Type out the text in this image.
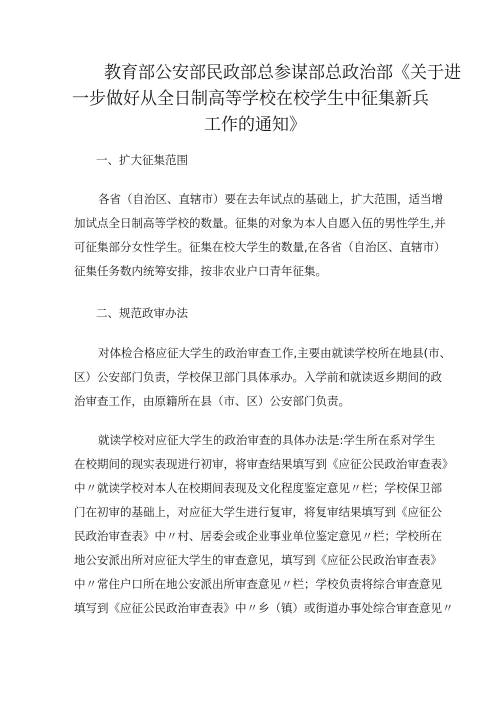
教育部公安部民政部总参谋部总政治部《关于进
一步做好从全日制高等学校在校学生中征集新兵
工作的通知》
一、扩大征集范围
各省（自治区、直辖市）要在去年试点的基础上，扩大范围，适当增
加试点全日制高等学校的数量。征集的对象为本人自愿入伍的男性学生,并
可征集部分女性学生。征集在校大学生的数量,在各省（自治区、直辖市）
征集任务数内统筹安排，按非农业户口青年征集。
二、规范政审办法
对体检合格应征大学生的政治审查工作,主要由就读学校所在地县(市、
区）公安部门负责，学校保卫部门具体承办。入学前和就读返乡期间的政
治审查工作，由原籍所在县（市、区）公安部门负责。
就读学校对应征大学生的政治审查的具体办法是:学生所在系对学生
在校期间的现实表现进行初审，将审查结果填写到《应征公民政治审查表》
中〃就读学校对本人在校期间表现及文化程度鉴定意见〃栏；学校保卫部
门在初审的基础上，对应征大学生进行复审，将复审结果填写到《应征公
民政治审查表》中〃村、居委会或企业事业单位鉴定意见〃栏；学校所在
地公安派出所对应征大学生的审查意见，填写到《应征公民政治审查表》
中〃常住户口所在地公安派出所审查意见〃栏；学校负责将综合审查意见
填写到《应征公民政治审查表》中〃乡（镇）或街道办事处综合审查意见〃
